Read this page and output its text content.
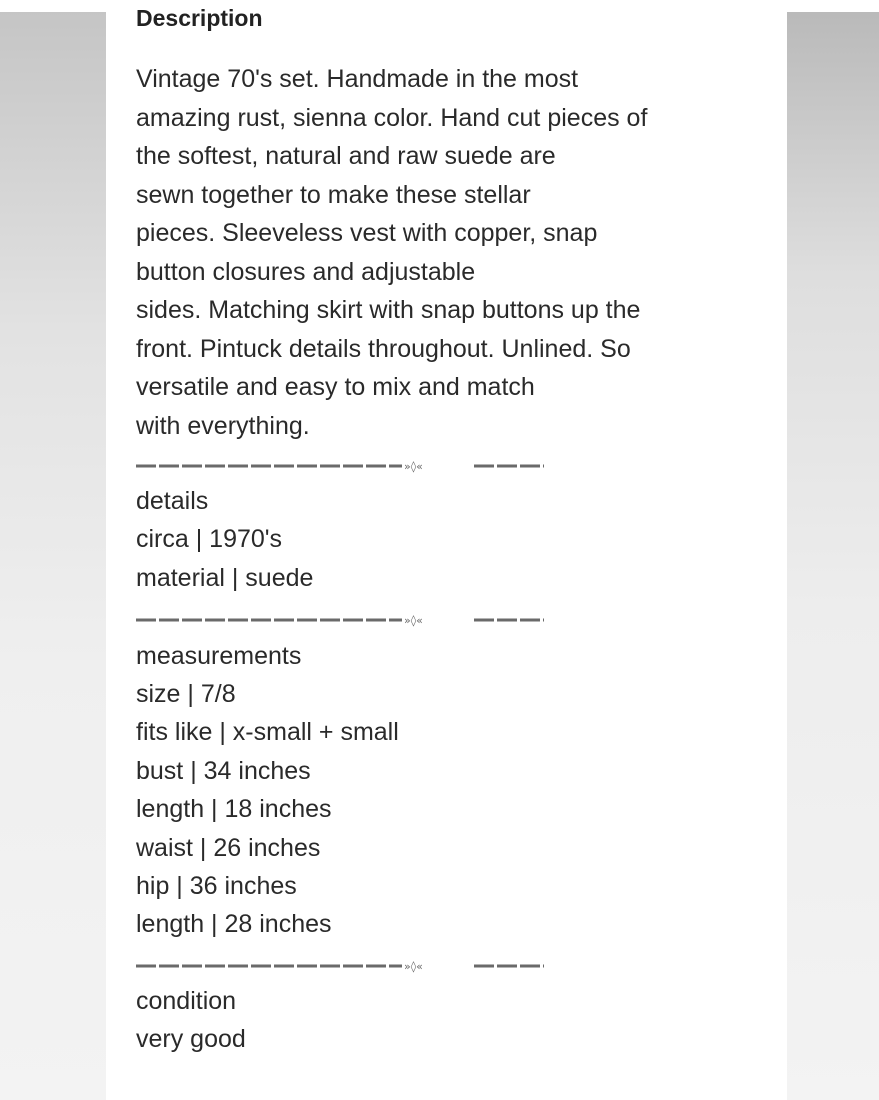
Description
Vintage 70's set. Handmade in the most
amazing rust, sienna color. Hand cut pieces of
the softest, natural and raw suede are
sewn together to make these stellar
pieces. Sleeveless vest with copper, snap
button closures and adjustable
sides. Matching skirt with snap buttons up the
front. Pintuck details throughout. Unlined. So
versatile and easy to mix and match
with everything.
»◊«
details
circa | 1970's
material | suede
»◊«
measurements
size | 7/8
fits like | x-small + small
bust | 34 inches
length | 18 inches
waist | 26 inches
hip | 36 inches
length | 28 inches
»◊«
condition
very good
